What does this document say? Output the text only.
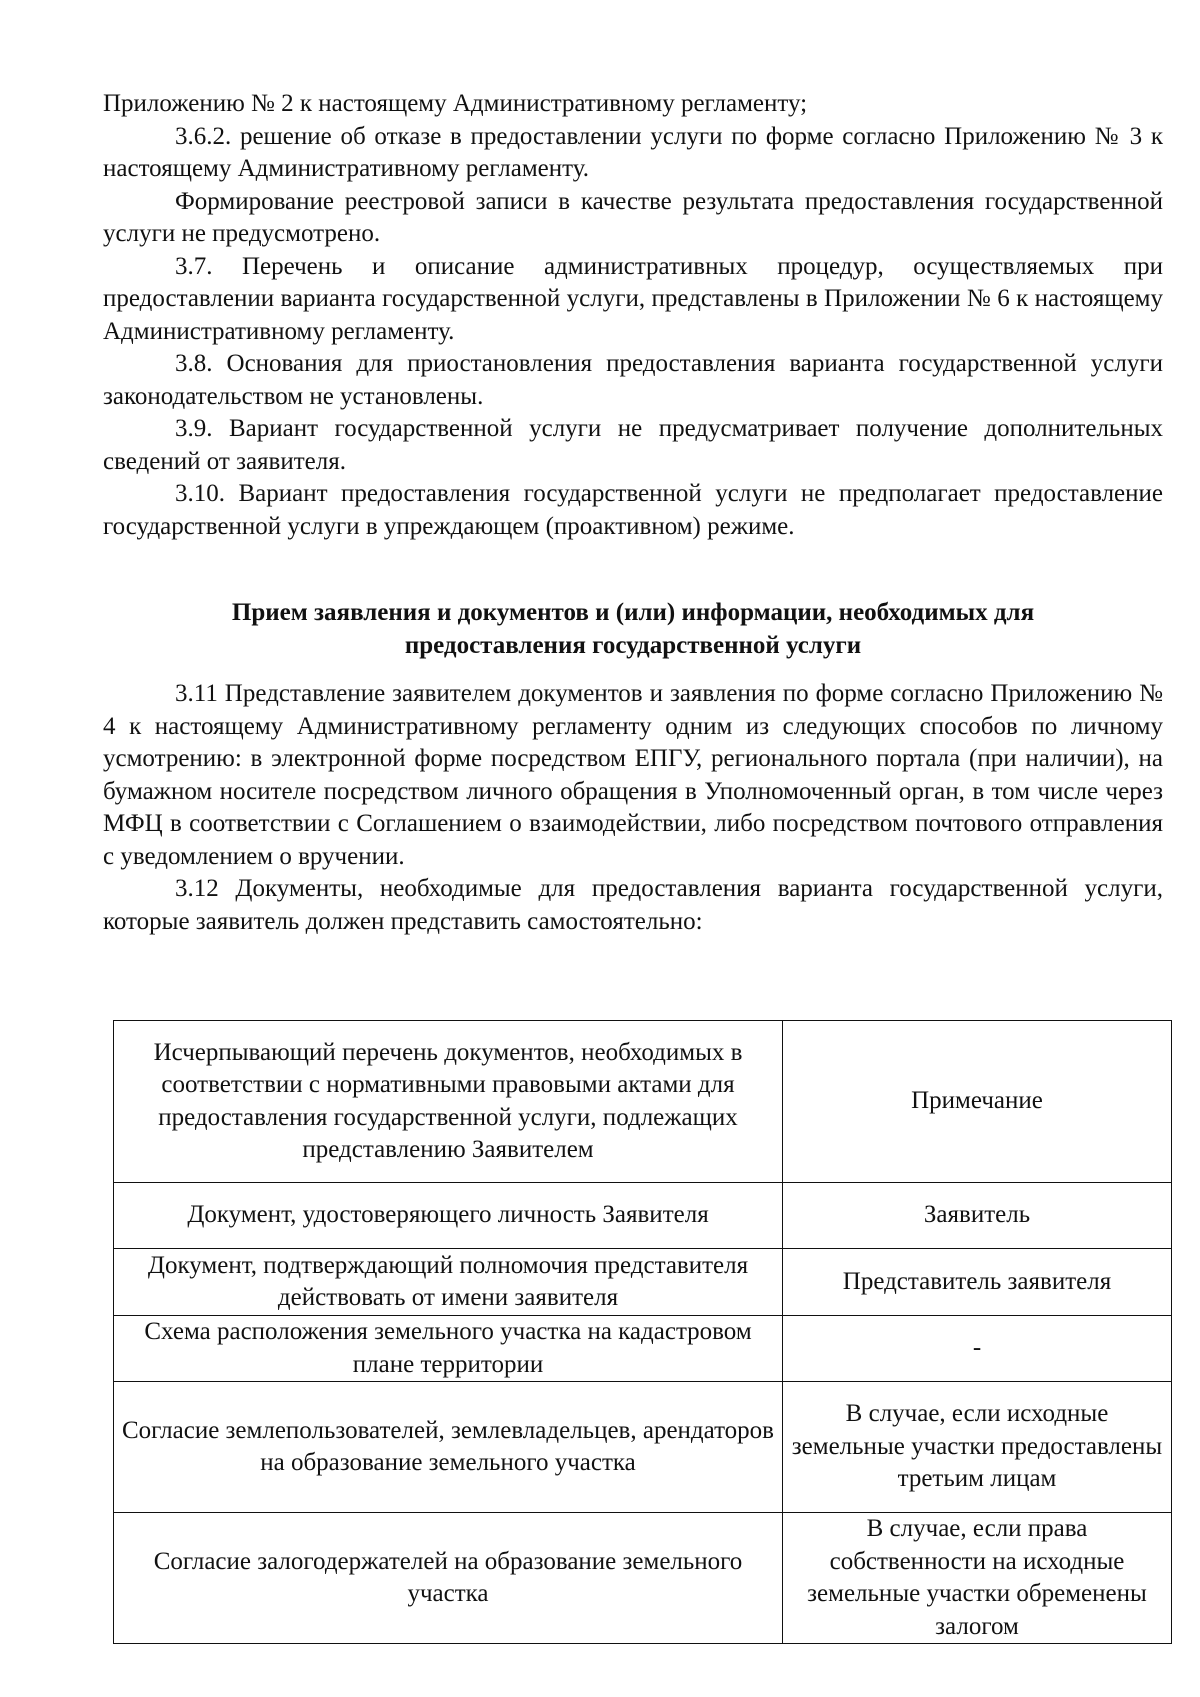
Приложению № 2 к настоящему Административному регламенту;

3.6.2. решение об отказе в предоставлении услуги по форме согласно Приложению № 3 к настоящему Административному регламенту.

Формирование реестровой записи в качестве результата предоставления государственной услуги не предусмотрено.

3.7. Перечень и описание административных процедур, осуществляемых при предоставлении варианта государственной услуги, представлены в Приложении № 6 к настоящему Административному регламенту.

3.8. Основания для приостановления предоставления варианта государственной услуги законодательством не установлены.

3.9. Вариант государственной услуги не предусматривает получение дополнительных сведений от заявителя.

3.10. Вариант предоставления государственной услуги не предполагает предоставление государственной услуги в упреждающем (проактивном) режиме.

Прием заявления и документов и (или) информации, необходимых для
предоставления государственной услуги

3.11 Представление заявителем документов и заявления по форме согласно Приложению № 4 к настоящему Административному регламенту одним из следующих способов по личному усмотрению: в электронной форме посредством ЕПГУ, регионального портала (при наличии), на бумажном носителе посредством личного обращения в Уполномоченный орган, в том числе через МФЦ в соответствии с Соглашением о взаимодействии, либо посредством почтового отправления с уведомлением о вручении.

3.12 Документы, необходимые для предоставления варианта государственной услуги, которые заявитель должен представить самостоятельно:

Исчерпывающий перечень документов, необходимых в соответствии с нормативными правовыми актами для предоставления государственной услуги, подлежащих представлению Заявителем	Примечание
Документ, удостоверяющего личность Заявителя	Заявитель
Документ, подтверждающий полномочия представителя действовать от имени заявителя	Представитель заявителя
Схема расположения земельного участка на кадастровом плане территории	-
Согласие землепользователей, землевладельцев, арендаторов на образование земельного участка	В случае, если исходные земельные участки предоставлены третьим лицам
Согласие залогодержателей на образование земельного участка	В случае, если права собственности на исходные земельные участки обременены залогом
